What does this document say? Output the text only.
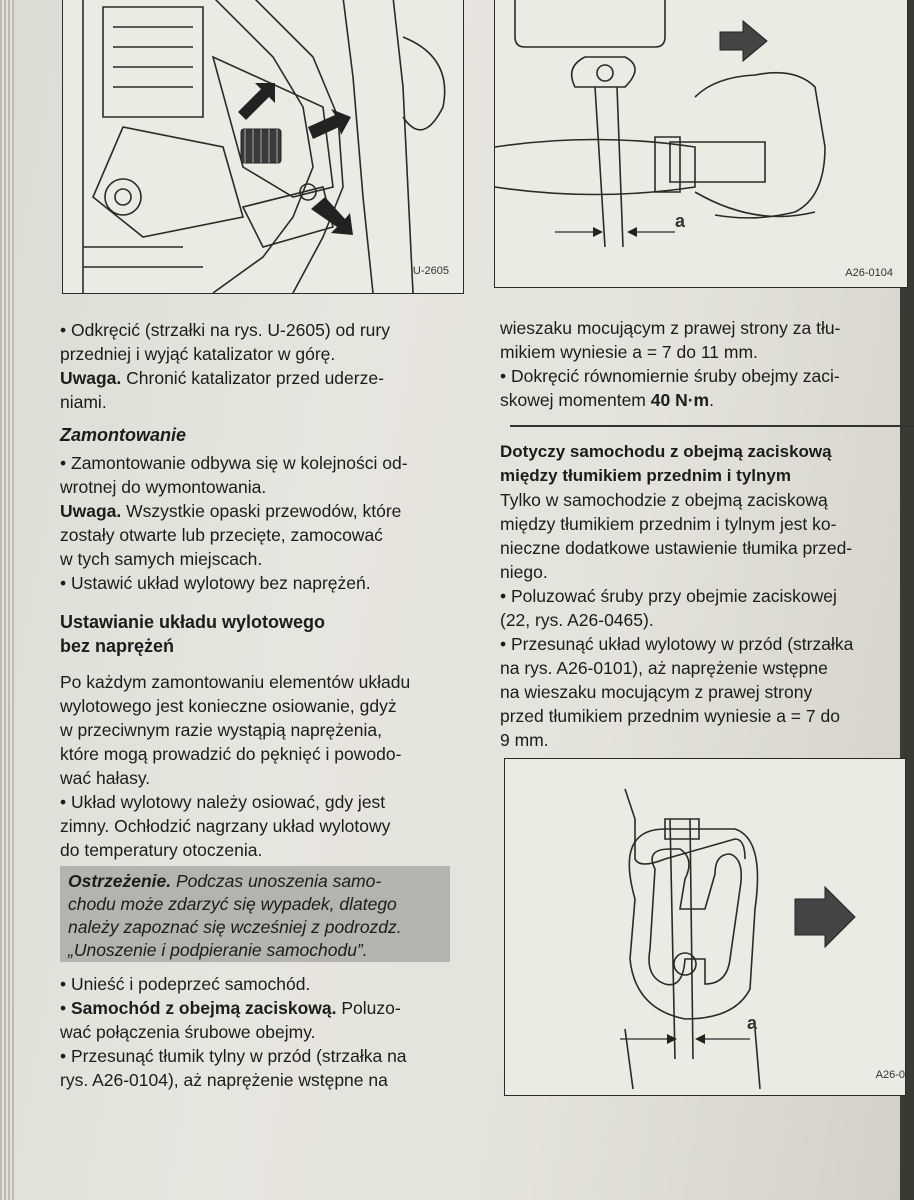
U-2605
a
A26-0104

• Odkręcić (strzałki na rys. U-2605) od rury

przedniej i wyjąć katalizator w górę.

Uwaga. Chronić katalizator przed uderze-

niami.

Zamontowanie

• Zamontowanie odbywa się w kolejności od-

wrotnej do wymontowania.

Uwaga. Wszystkie opaski przewodów, które

zostały otwarte lub przecięte, zamocować

w tych samych miejscach.

• Ustawić układ wylotowy bez naprężeń.

Ustawianie układu wylotowego
bez naprężeń

Po każdym zamontowaniu elementów układu

wylotowego jest konieczne osiowanie, gdyż

w przeciwnym razie wystąpią naprężenia,

które mogą prowadzić do pęknięć i powodo-

wać hałasy.

• Układ wylotowy należy osiować, gdy jest

zimny. Ochłodzić nagrzany układ wylotowy

do temperatury otoczenia.

Ostrzeżenie. Podczas unoszenia samo-
chodu może zdarzyć się wypadek, dlatego
należy zapoznać się wcześniej z podrozdz.
„Unoszenie i podpieranie samochodu”.

• Unieść i podeprzeć samochód.

• Samochód z obejmą zaciskową. Poluzo-

wać połączenia śrubowe obejmy.

• Przesunąć tłumik tylny w przód (strzałka na

rys. A26-0104), aż naprężenie wstępne na

wieszaku mocującym z prawej strony za tłu-

mikiem wyniesie a = 7 do 11 mm.

• Dokręcić równomiernie śruby obejmy zaci-

skowej momentem 40 N·m.

Dotyczy samochodu z obejmą zaciskową
między tłumikiem przednim i tylnym

Tylko w samochodzie z obejmą zaciskową

między tłumikiem przednim i tylnym jest ko-

nieczne dodatkowe ustawienie tłumika przed-

niego.

• Poluzować śruby przy obejmie zaciskowej

(22, rys. A26-0465).

• Przesunąć układ wylotowy w przód (strzałka

na rys. A26-0101), aż naprężenie wstępne

na wieszaku mocującym z prawej strony

przed tłumikiem przednim wyniesie a = 7 do

9 mm.

a
A26-0
